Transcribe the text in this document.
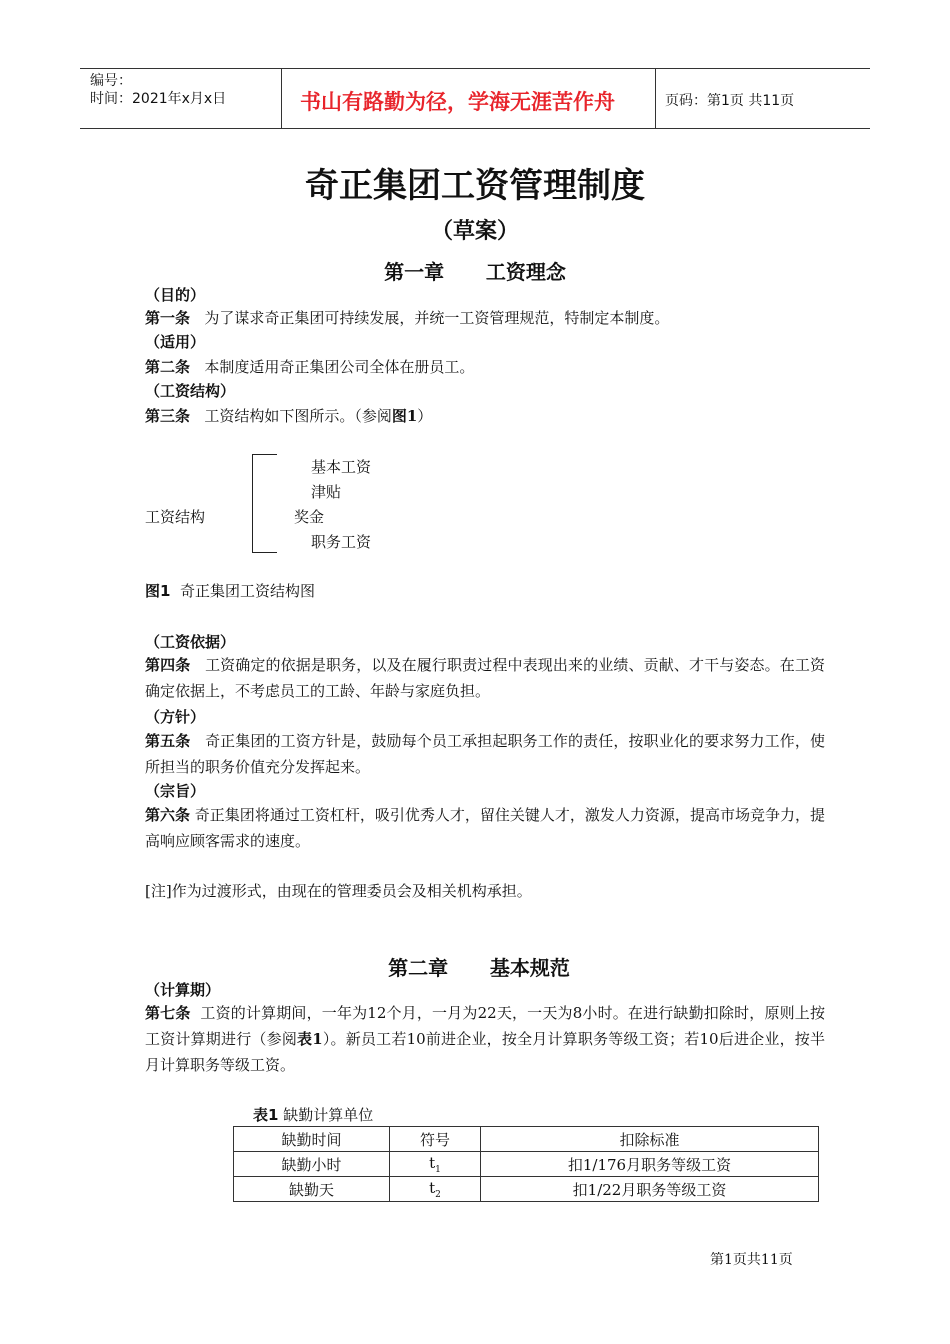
编号：
时间：2021年x月x日	书山有路勤为径，学海无涯苦作舟	页码：第1页 共11页
奇正集团工资管理制度
（草案）
第一章      工资理念
（目的）
第一条 为了谋求奇正集团可持续发展，并统一工资管理规范，特制定本制度。
（适用）
第二条 本制度适用奇正集团公司全体在册员工。
（工资结构）
第三条 工资结构如下图所示。（参阅图1）
工资结构
基本工资
津贴
奖金
职务工资
图1 奇正集团工资结构图
（工资依据）
第四条 工资确定的依据是职务，以及在履行职责过程中表现出来的业绩、贡献、才干与姿态。在工资确定依据上，不考虑员工的工龄、年龄与家庭负担。
（方针）
第五条 奇正集团的工资方针是，鼓励每个员工承担起职务工作的责任，按职业化的要求努力工作，使所担当的职务价值充分发挥起来。
（宗旨）
第六条 奇正集团将通过工资杠杆，吸引优秀人才，留住关键人才，激发人力资源，提高市场竞争力，提高响应顾客需求的速度。
[注]作为过渡形式，由现在的管理委员会及相关机构承担。
第二章      基本规范
（计算期）
第七条 工资的计算期间，一年为12个月，一月为22天，一天为8小时。在进行缺勤扣除时，原则上按工资计算期进行（参阅表1）。新员工若10前进企业，按全月计算职务等级工资；若10后进企业，按半月计算职务等级工资。
表1 缺勤计算单位
缺勤时间	符号	扣除标准
缺勤小时	$t_1$	扣1/176月职务等级工资
缺勤天	$t_2$	扣1/22月职务等级工资
第1页共11页
